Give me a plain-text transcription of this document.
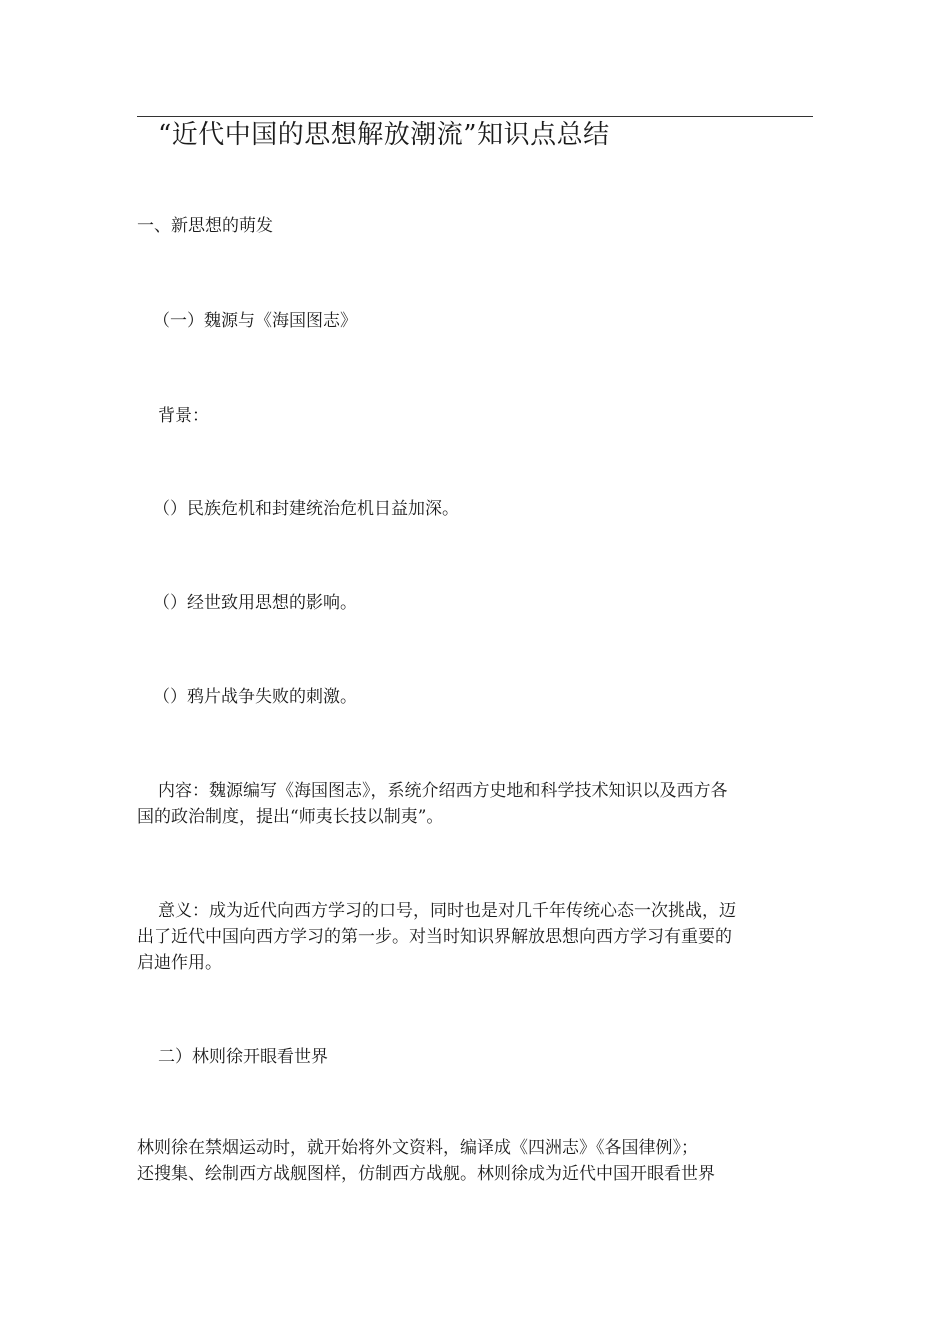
“近代中国的思想解放潮流”知识点总结
一、新思想的萌发
（一）魏源与《海国图志》
背景：
（）民族危机和封建统治危机日益加深。
（）经世致用思想的影响。
（）鸦片战争失败的刺激。
内容：魏源编写《海国图志》，系统介绍西方史地和科学技术知识以及西方各
国的政治制度，提出“师夷长技以制夷”。
意义：成为近代向西方学习的口号，同时也是对几千年传统心态一次挑战，迈
出了近代中国向西方学习的第一步。对当时知识界解放思想向西方学习有重要的
启迪作用。
二）林则徐开眼看世界
林则徐在禁烟运动时，就开始将外文资料，编译成《四洲志》《各国律例》；
还搜集、绘制西方战舰图样，仿制西方战舰。林则徐成为近代中国开眼看世界
